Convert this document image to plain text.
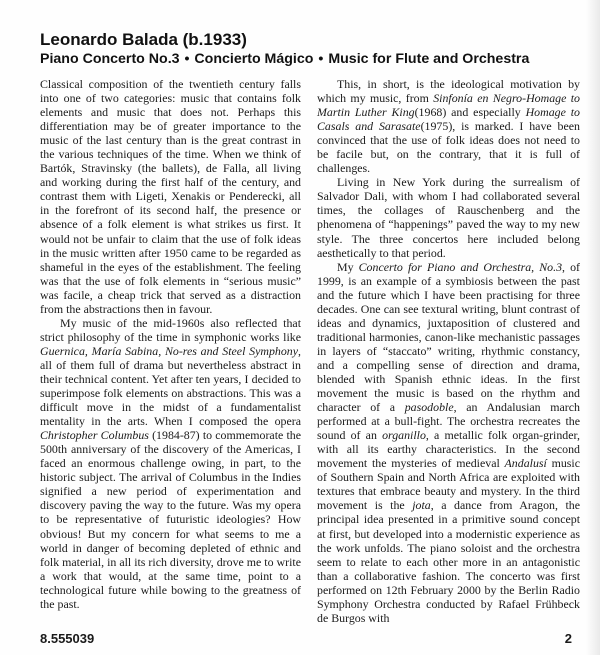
Leonardo Balada (b.1933)
Piano Concerto No.3 • Concierto Mágico • Music for Flute and Orchestra

Classical composition of the twentieth century falls into one of two categories: music that contains folk elements and music that does not. Perhaps this differentiation may be of greater importance to the music of the last century than is the great contrast in the various techniques of the time. When we think of Bartók, Stravinsky (the ballets), de Falla, all living and working during the first half of the century, and contrast them with Ligeti, Xenakis or Penderecki, all in the forefront of its second half, the presence or absence of a folk element is what strikes us first. It would not be unfair to claim that the use of folk ideas in the music written after 1950 came to be regarded as shameful in the eyes of the establishment. The feeling was that the use of folk elements in “serious music” was facile, a cheap trick that served as a distraction from the abstractions then in favour.

My music of the mid-1960s also reflected that strict philosophy of the time in symphonic works like Guernica, María Sabina, No-res and Steel Symphony, all of them full of drama but nevertheless abstract in their technical content. Yet after ten years, I decided to superimpose folk elements on abstractions. This was a difficult move in the midst of a fundamentalist mentality in the arts. When I composed the opera Christopher Columbus (1984-87) to commemorate the 500th anniversary of the discovery of the Americas, I faced an enormous challenge owing, in part, to the historic subject. The arrival of Columbus in the Indies signified a new period of experimentation and discovery paving the way to the future. Was my opera to be representative of futuristic ideologies? How obvious! But my concern for what seems to me a world in danger of becoming depleted of ethnic and folk material, in all its rich diversity, drove me to write a work that would, at the same time, point to a technological future while bowing to the greatness of the past.

This, in short, is the ideological motivation by which my music, from Sinfonía en Negro-Homage to Martin Luther King(1968) and especially Homage to Casals and Sarasate(1975), is marked. I have been convinced that the use of folk ideas does not need to be facile but, on the contrary, that it is full of challenges.

Living in New York during the surrealism of Salvador Dali, with whom I had collaborated several times, the collages of Rauschenberg and the phenomena of “happenings” paved the way to my new style. The three concertos here included belong aesthetically to that period.

My Concerto for Piano and Orchestra, No.3, of 1999, is an example of a symbiosis between the past and the future which I have been practising for three decades. One can see textural writing, blunt contrast of ideas and dynamics, juxtaposition of clustered and traditional harmonies, canon-like mechanistic passages in layers of “staccato” writing, rhythmic constancy, and a compelling sense of direction and drama, blended with Spanish ethnic ideas. In the first movement the music is based on the rhythm and character of a pasodoble, an Andalusian march performed at a bull-fight. The orchestra recreates the sound of an organillo, a metallic folk organ-grinder, with all its earthy characteristics. In the second movement the mysteries of medieval Andalusí music of Southern Spain and North Africa are exploited with textures that embrace beauty and mystery. In the third movement is the jota, a dance from Aragon, the principal idea presented in a primitive sound concept at first, but developed into a modernistic experience as the work unfolds. The piano soloist and the orchestra seem to relate to each other more in an antagonistic than a collaborative fashion. The concerto was first performed on 12th February 2000 by the Berlin Radio Symphony Orchestra conducted by Rafael Frühbeck de Burgos with

8.555039	2
